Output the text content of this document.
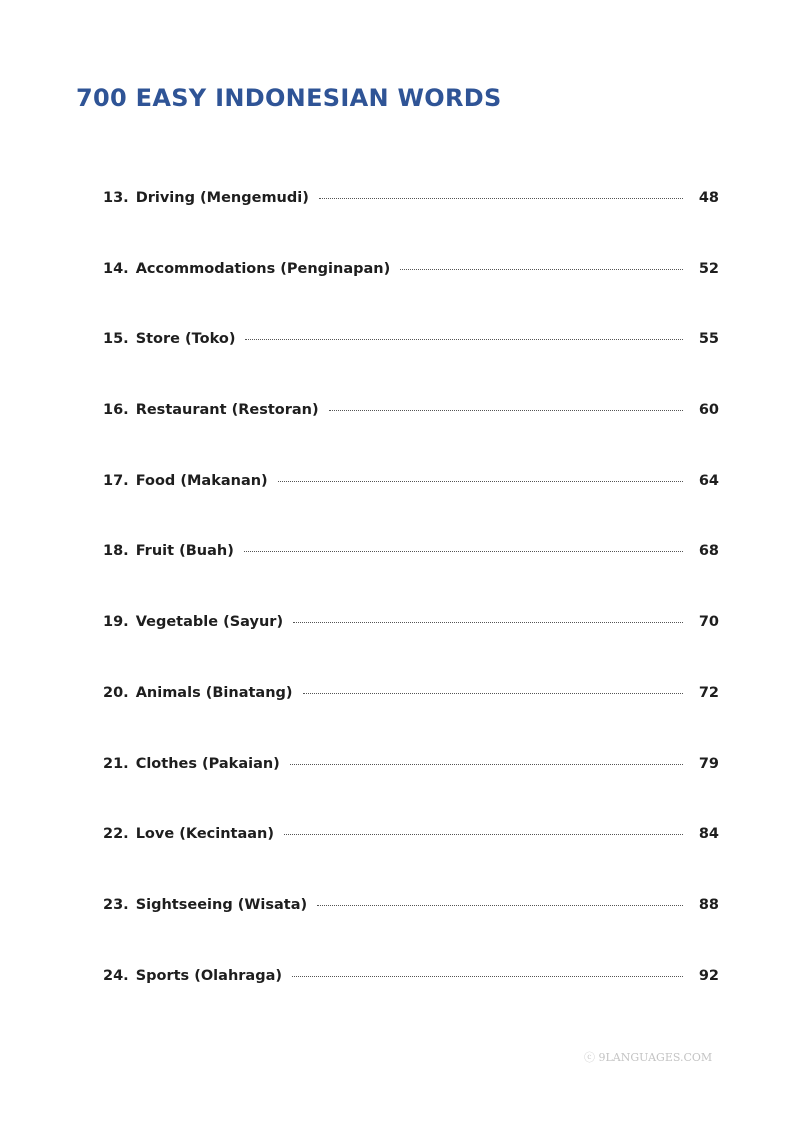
700 EASY INDONESIAN WORDS
13. Driving (Mengemudi)	48
14. Accommodations (Penginapan)	52
15. Store (Toko)	55
16. Restaurant (Restoran)	60
17. Food (Makanan)	64
18. Fruit (Buah)	68
19. Vegetable (Sayur)	70
20. Animals (Binatang)	72
21. Clothes (Pakaian)	79
22. Love (Kecintaan)	84
23. Sightseeing (Wisata)	88
24. Sports (Olahraga)	92
ⓒ 9LANGUAGES.COM
